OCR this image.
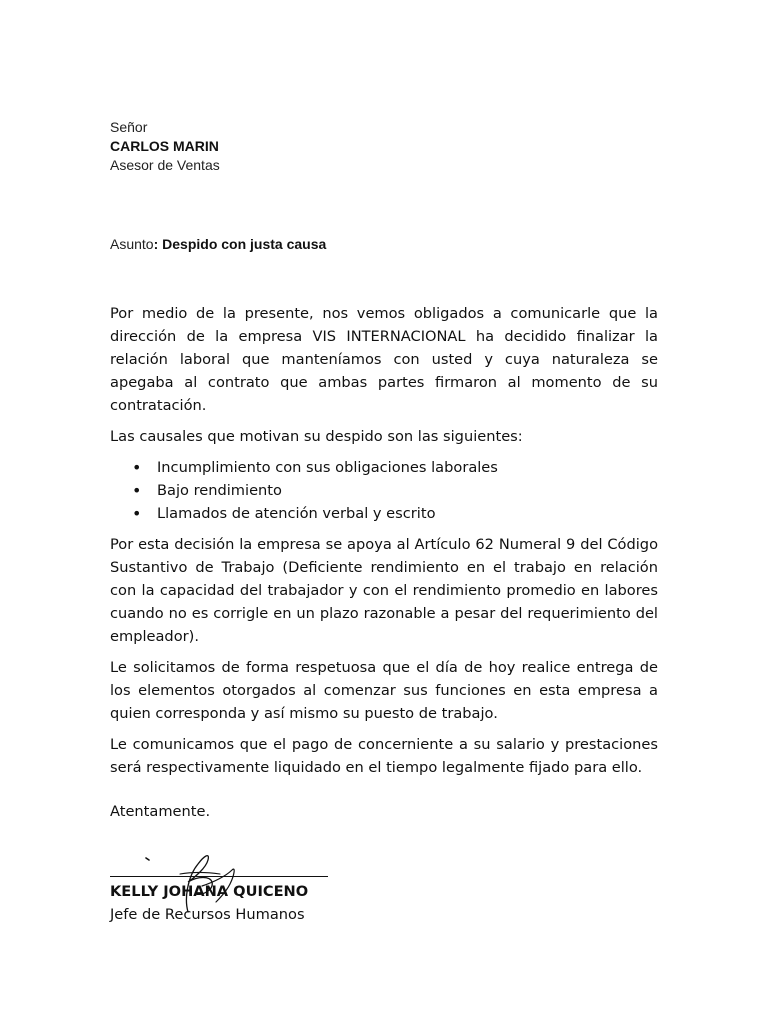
Señor
CARLOS MARIN
Asesor de Ventas
Asunto: Despido con justa causa

Por medio de la presente, nos vemos obligados a comunicarle que la dirección de la empresa VIS INTERNACIONAL ha decidido finalizar la relación laboral que manteníamos con usted y cuya naturaleza se apegaba al contrato que ambas partes firmaron al momento de su contratación.

Las causales que motivan su despido son las siguientes:

• Incumplimiento con sus obligaciones laborales
• Bajo rendimiento
• Llamados de atención verbal y escrito

Por esta decisión la empresa se apoya al Artículo 62 Numeral 9 del Código Sustantivo de Trabajo (Deficiente rendimiento en el trabajo en relación con la capacidad del trabajador y con el rendimiento promedio en labores cuando no es corrigle en un plazo razonable a pesar del requerimiento del empleador).

Le solicitamos de forma respetuosa que el día de hoy realice entrega de los elementos otorgados al comenzar sus funciones en esta empresa a quien corresponda y así mismo su puesto de trabajo.

Le comunicamos que el pago de concerniente a su salario y prestaciones será respectivamente liquidado en el tiempo legalmente fijado para ello.

Atentamente.
KELLY JOHANA QUICENO
Jefe de Recursos Humanos
